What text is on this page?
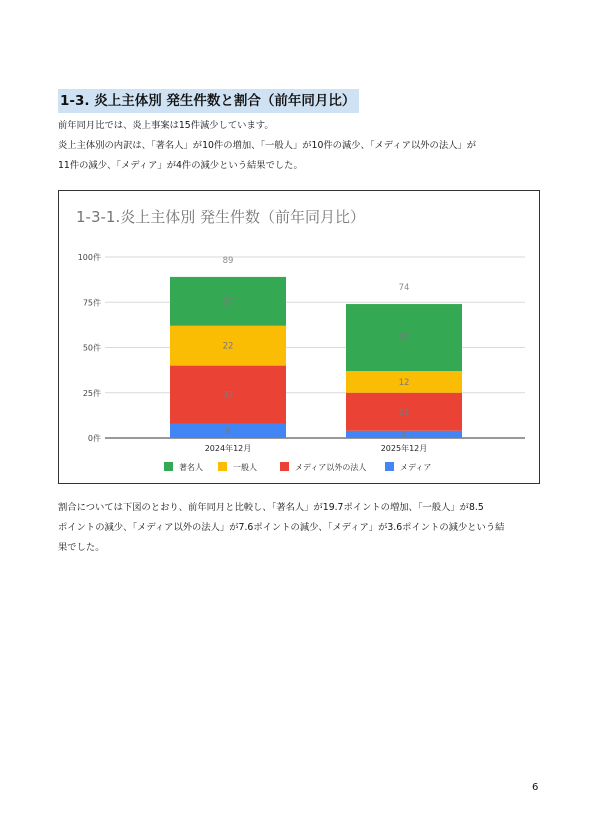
1-3. 炎上主体別 発生件数と割合（前年同月比）
前年同月比では、炎上事案は15件減少しています。
炎上主体別の内訳は、「著名人」が10件の増加、「一般人」が10件の減少、「メディア以外の法人」が
11件の減少、「メディア」が4件の減少という結果でした。
1-3-1.炎上主体別 発生件数（前年同月比）
0件
25件
50件
75件
100件
8
32
22
27
89
2024年12月
4
21
12
37
74
2025年12月
著名人	一般人	メディア以外の法人	メディア
割合については下図のとおり、前年同月と比較し、「著名人」が19.7ポイントの増加、「一般人」が8.5
ポイントの減少、「メディア以外の法人」が7.6ポイントの減少、「メディア」が3.6ポイントの減少という結
果でした。
6
